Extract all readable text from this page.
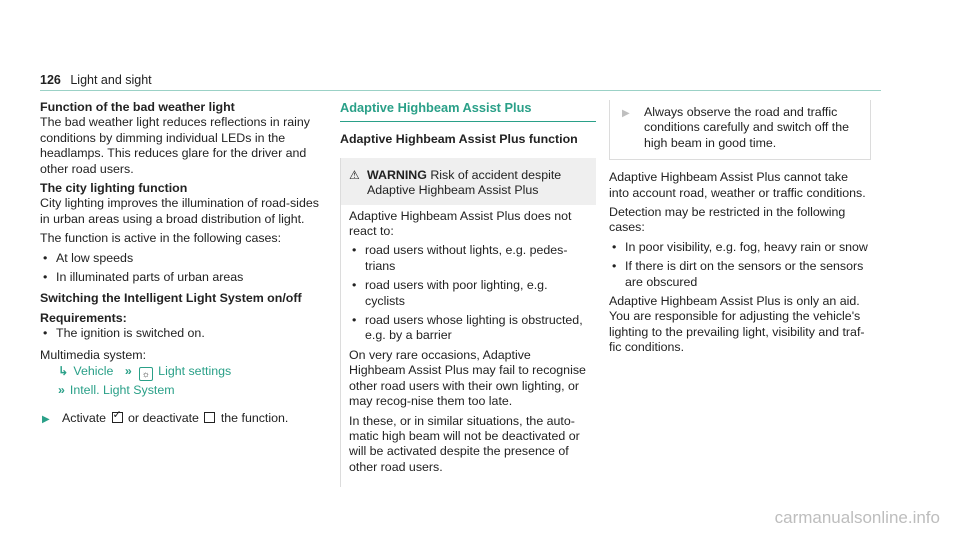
126 Light and sight

Function of the bad weather light

The bad weather light reduces reflections in rainy conditions by dimming individual LEDs in the headlamps. This reduces glare for the driver and other road users.

The city lighting function

City lighting improves the illumination of road-sides in urban areas using a broad distribution of light.

The function is active in the following cases:

• At low speeds
• In illuminated parts of urban areas

Switching the Intelligent Light System on/off

Requirements:

• The ignition is switched on.

Multimedia system:

↳ Vehicle » ☼ Light settings
» Intell. Light System
▶ Activate ✓ or deactivate the function.
Adaptive Highbeam Assist Plus

Adaptive Highbeam Assist Plus function

⚠ WARNING Risk of accident despite Adaptive Highbeam Assist Plus

Adaptive Highbeam Assist Plus does not react to:

• road users without lights, e.g. pedes-trians
• road users with poor lighting, e.g. cyclists
• road users whose lighting is obstructed, e.g. by a barrier

On very rare occasions, Adaptive Highbeam Assist Plus may fail to recognise other road users with their own lighting, or may recog-nise them too late.

In these, or in similar situations, the auto-matic high beam will not be deactivated or will be activated despite the presence of other road users.

▶	Always observe the road and traffic conditions carefully and switch off the high beam in good time.

Adaptive Highbeam Assist Plus cannot take into account road, weather or traffic conditions.

Detection may be restricted in the following cases:

• In poor visibility, e.g. fog, heavy rain or snow
• If there is dirt on the sensors or the sensors are obscured

Adaptive Highbeam Assist Plus is only an aid. You are responsible for adjusting the vehicle's lighting to the prevailing light, visibility and traf-fic conditions.

carmanualsonline.info
